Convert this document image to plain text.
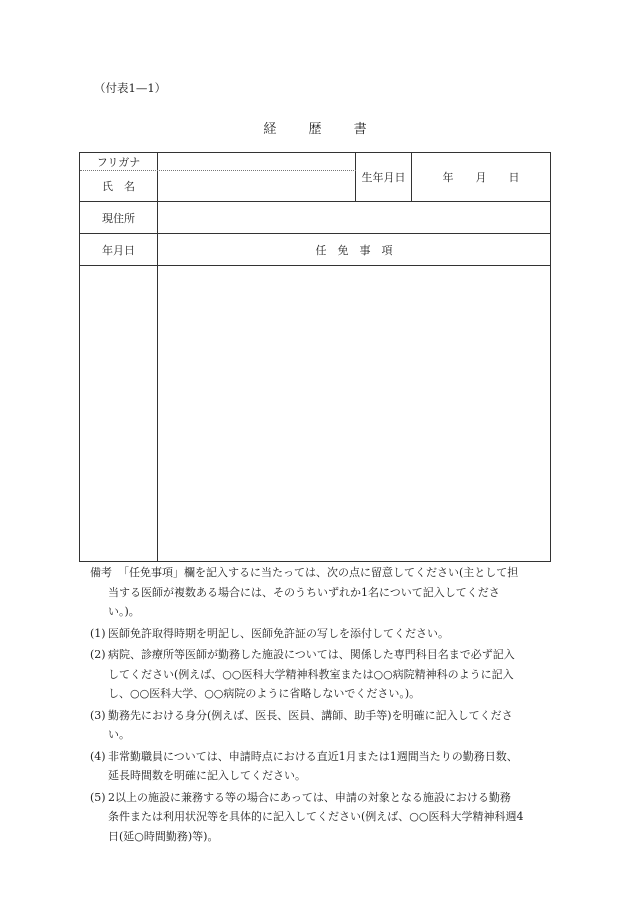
（付表1—1）
経 歴 書
フリガナ
氏　名
生年月日	年　　月　　日
現住所
年月日	任　免　事　項
備考 「任免事項」欄を記入するに当たっては、次の点に留意してください(主として担
当する医師が複数ある場合には、そのうちいずれか1名について記入してくださ
い。)。
(1) 医師免許取得時期を明記し、医師免許証の写しを添付してください。
(2) 病院、診療所等医師が勤務した施設については、関係した専門科目名まで必ず記入
してください(例えば、○○医科大学精神科教室または○○病院精神科のように記入
し、○○医科大学、○○病院のように省略しないでください。)。
(3) 勤務先における身分(例えば、医長、医員、講師、助手等)を明確に記入してくださ
い。
(4) 非常勤職員については、申請時点における直近1月または1週間当たりの勤務日数、
延長時間数を明確に記入してください。
(5) 2以上の施設に兼務する等の場合にあっては、申請の対象となる施設における勤務
条件または利用状況等を具体的に記入してください(例えば、○○医科大学精神科週4
日(延○時間勤務)等)。
